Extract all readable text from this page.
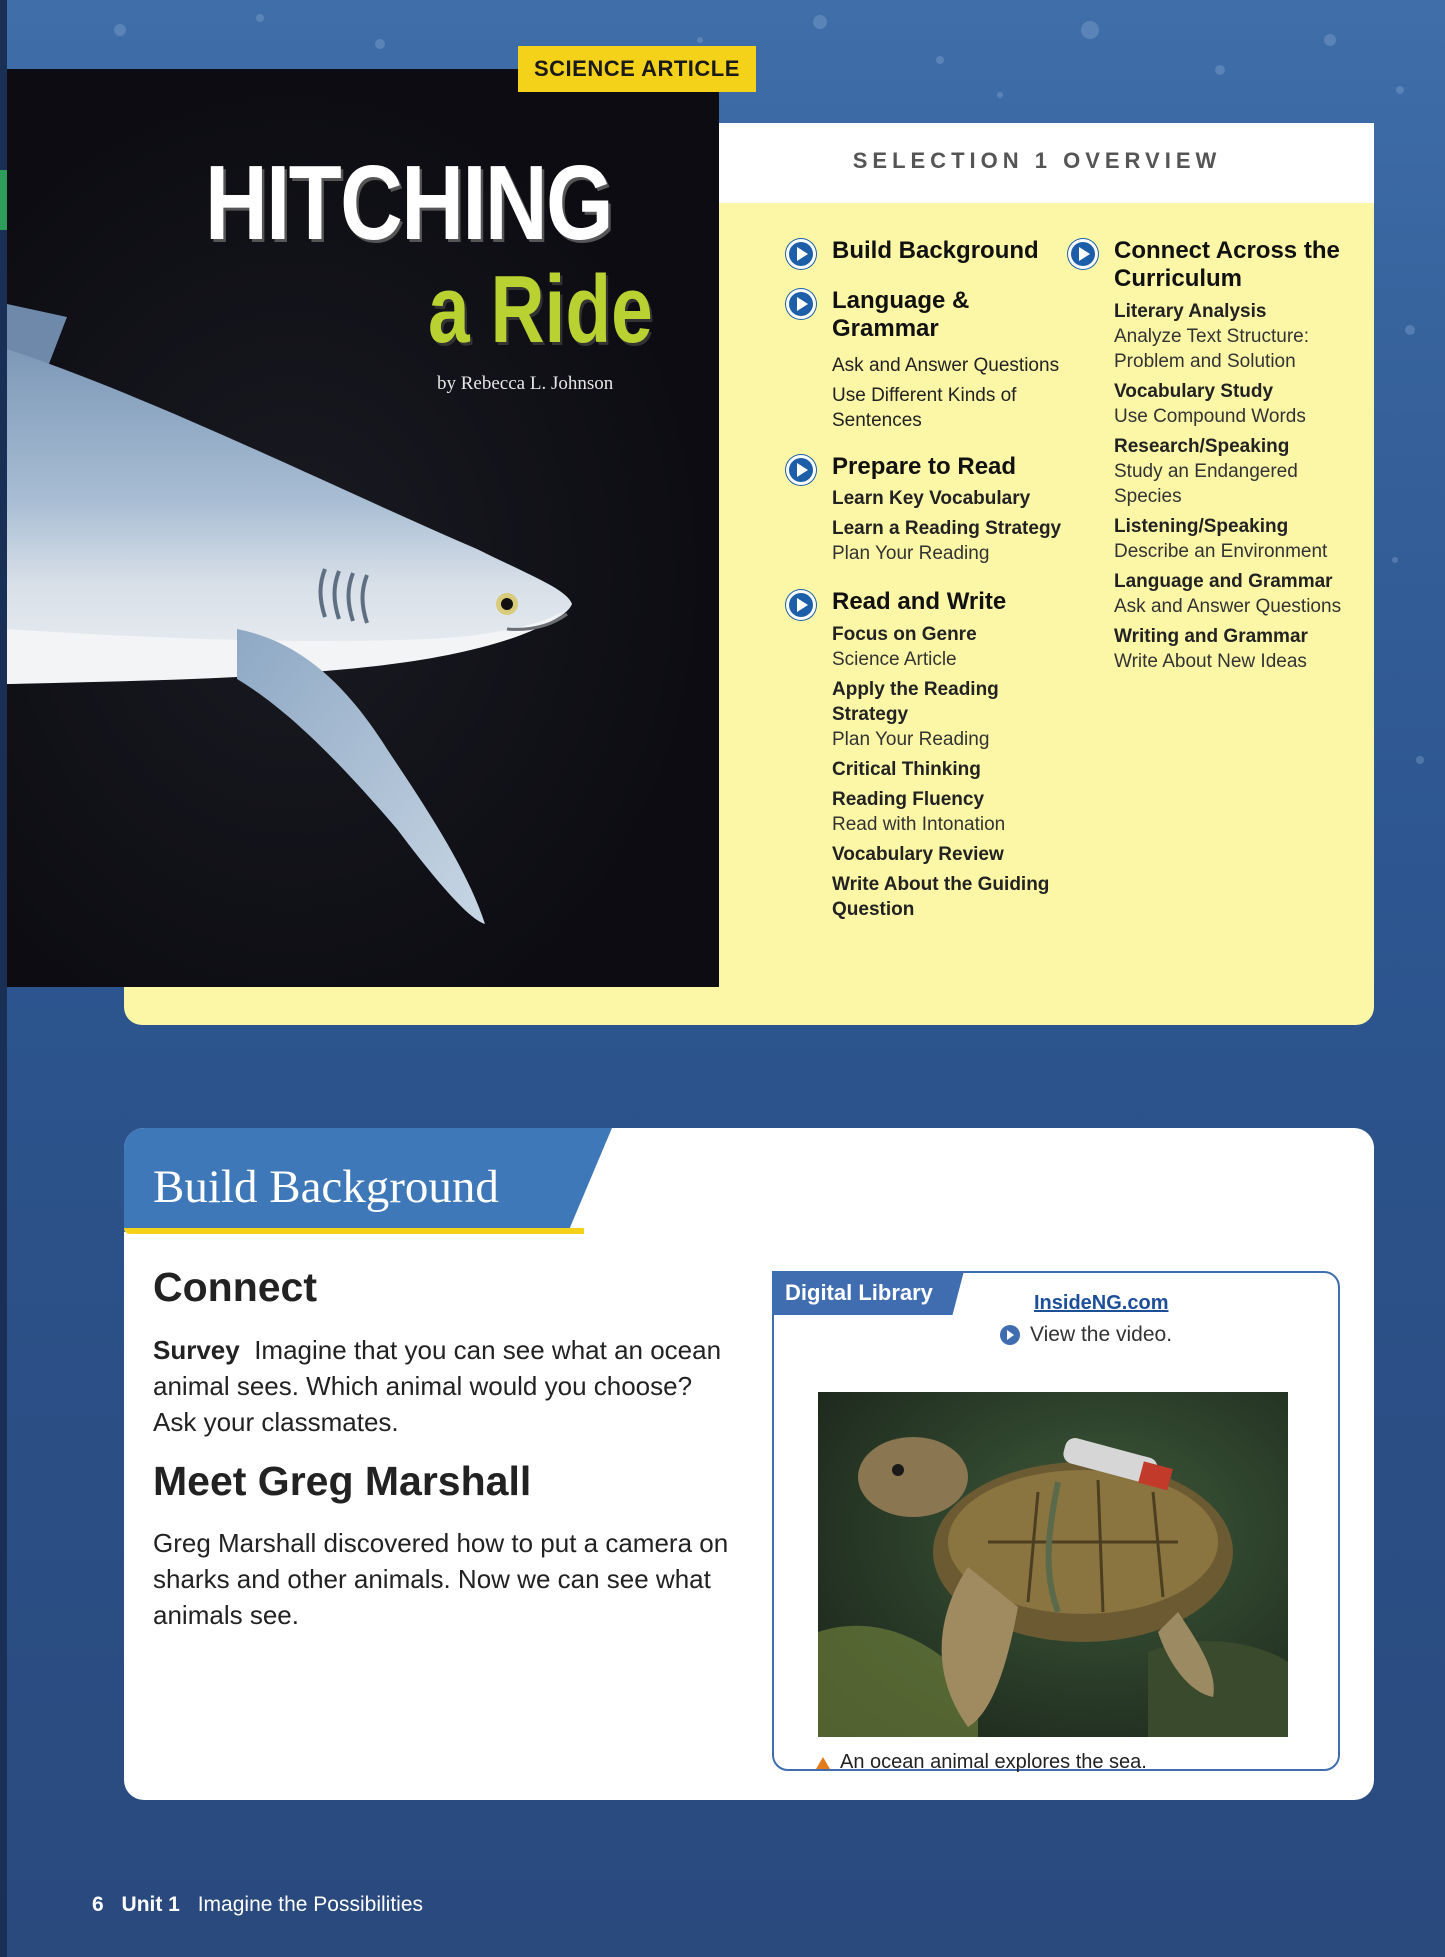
SELECTION 1 OVERVIEW
SCIENCE ARTICLE
HITCHING
a Ride
by Rebecca L. Johnson
Build Background
Language & Grammar
Ask and Answer Questions
Use Different Kinds of Sentences
Prepare to Read
Learn Key Vocabulary
Learn a Reading Strategy
Plan Your Reading
Read and Write
Focus on Genre
Science Article
Apply the Reading Strategy
Plan Your Reading
Critical Thinking
Reading Fluency
Read with Intonation
Vocabulary Review
Write About the Guiding Question
Connect Across the Curriculum
Literary Analysis
Analyze Text Structure: Problem and Solution
Vocabulary Study
Use Compound Words
Research/Speaking
Study an Endangered Species
Listening/Speaking
Describe an Environment
Language and Grammar
Ask and Answer Questions
Writing and Grammar
Write About New Ideas
Build Background
Connect
Survey Imagine that you can see what an ocean animal sees. Which animal would you choose? Ask your classmates.
Meet Greg Marshall
Greg Marshall discovered how to put a camera on sharks and other animals. Now we can see what animals see.
Digital Library	InsideNG.com
View the video.
An ocean animal explores the sea.
6 Unit 1 Imagine the Possibilities
